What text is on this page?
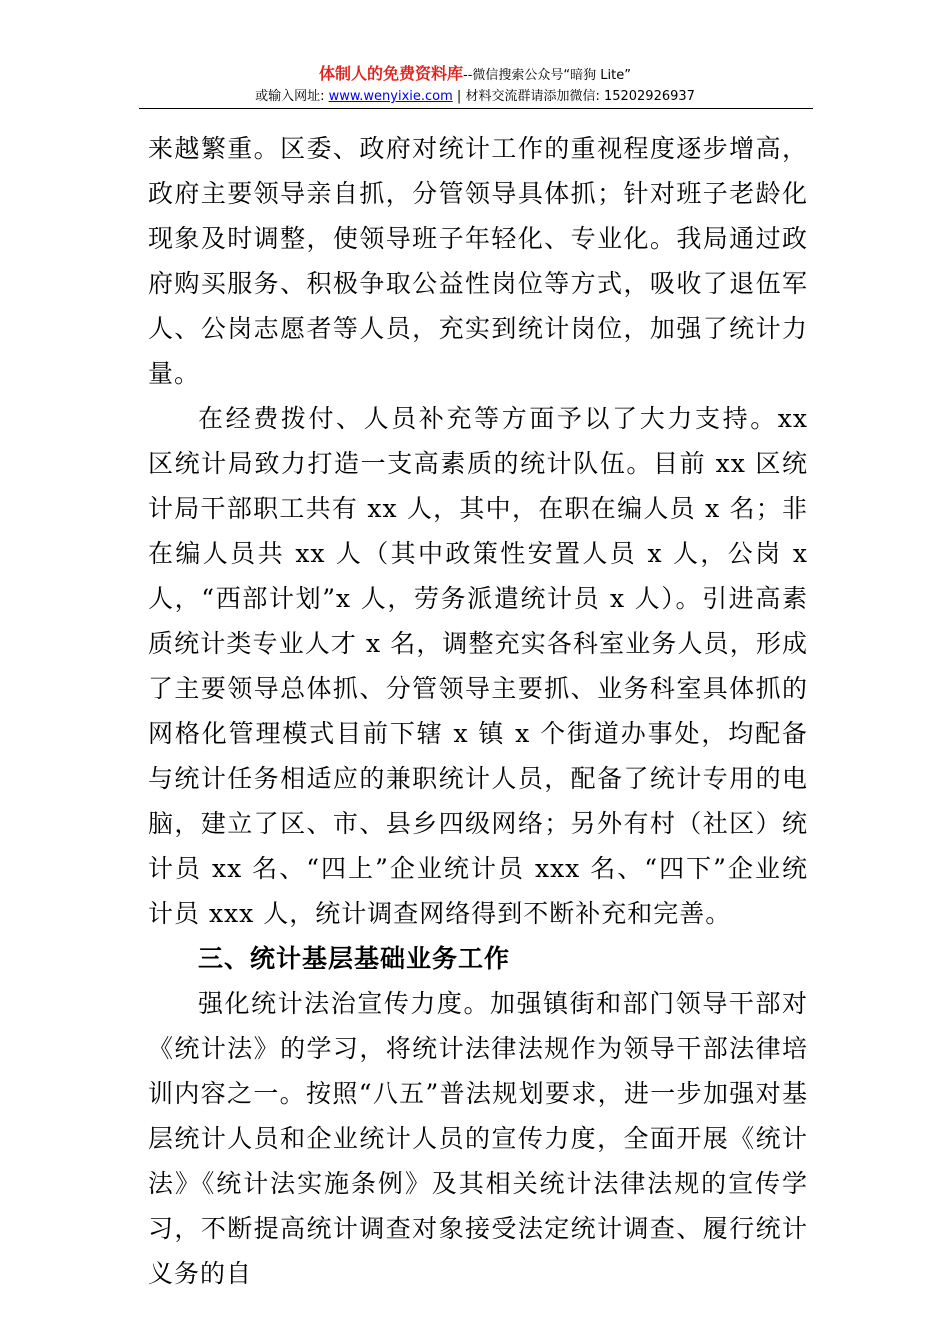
体制人的免费资料库--微信搜索公众号“暗狗 Lite”
或输入网址: www.wenyixie.com | 材料交流群请添加微信: 15202926937

来越繁重。区委、政府对统计工作的重视程度逐步增高，政府主要领导亲自抓，分管领导具体抓；针对班子老龄化现象及时调整，使领导班子年轻化、专业化。我局通过政府购买服务、积极争取公益性岗位等方式，吸收了退伍军人、公岗志愿者等人员，充实到统计岗位，加强了统计力量。

在经费拨付、人员补充等方面予以了大力支持。xx 区统计局致力打造一支高素质的统计队伍。目前 xx 区统计局干部职工共有 xx 人，其中，在职在编人员 x 名；非在编人员共 xx 人（其中政策性安置人员 x 人，公岗 x 人，“西部计划”x 人，劳务派遣统计员 x 人）。引进高素质统计类专业人才 x 名，调整充实各科室业务人员，形成了主要领导总体抓、分管领导主要抓、业务科室具体抓的网格化管理模式目前下辖 x 镇 x 个街道办事处，均配备与统计任务相适应的兼职统计人员，配备了统计专用的电脑，建立了区、市、县乡四级网络；另外有村（社区）统计员 xx 名、“四上”企业统计员 xxx 名、“四下”企业统计员 xxx 人，统计调查网络得到不断补充和完善。

三、统计基层基础业务工作

强化统计法治宣传力度。加强镇街和部门领导干部对《统计法》的学习，将统计法律法规作为领导干部法律培训内容之一。按照“八五”普法规划要求，进一步加强对基层统计人员和企业统计人员的宣传力度，全面开展《统计法》《统计法实施条例》及其相关统计法律法规的宣传学习，不断提高统计调查对象接受法定统计调查、履行统计义务的自
